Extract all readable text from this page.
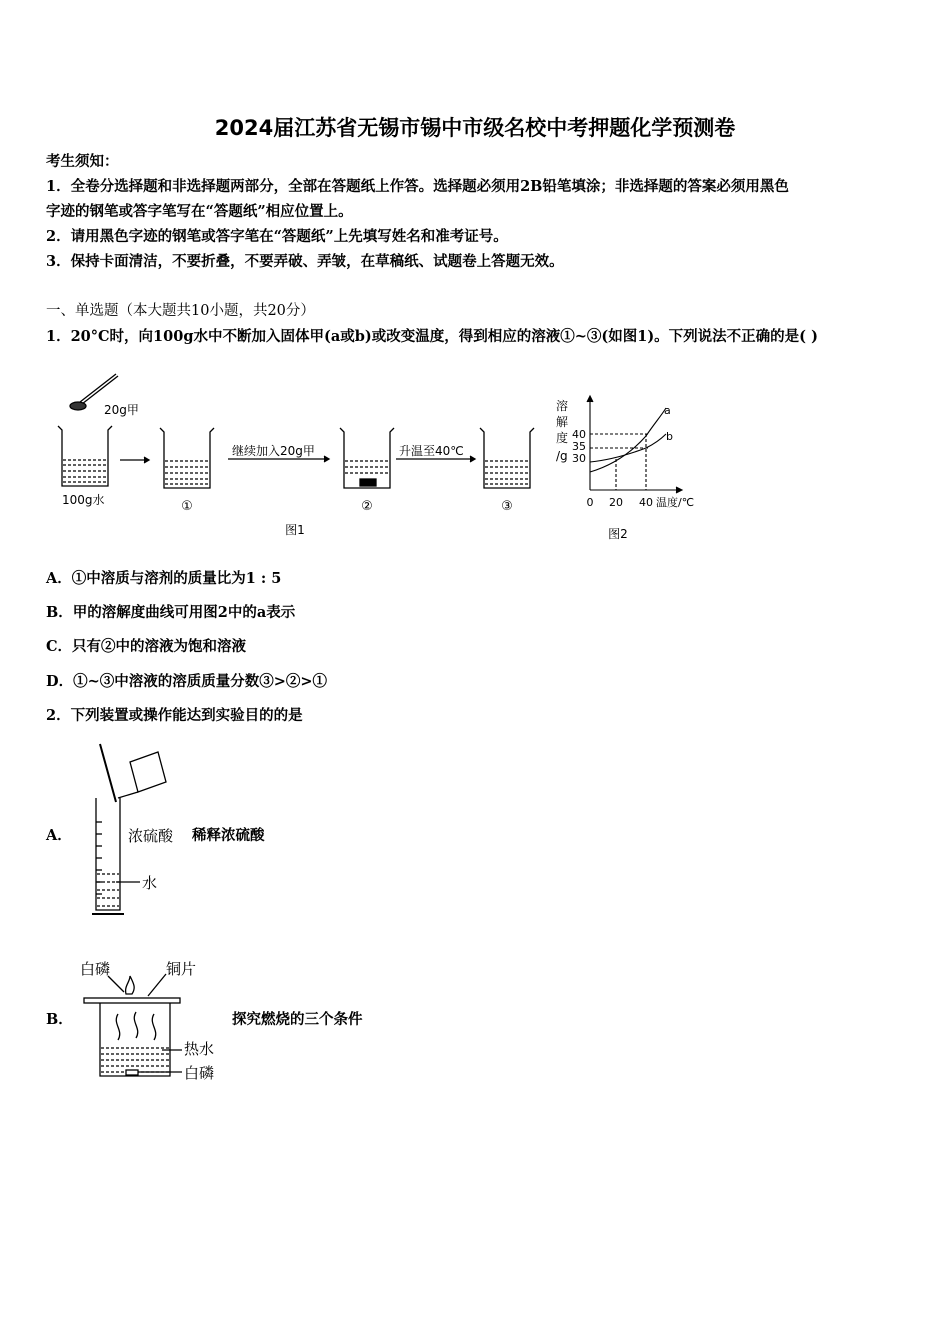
2024届江苏省无锡市锡中市级名校中考押题化学预测卷
考生须知：
1．全卷分选择题和非选择题两部分，全部在答题纸上作答。选择题必须用2B铅笔填涂；非选择题的答案必须用黑色
字迹的钢笔或答字笔写在“答题纸”相应位置上。
2．请用黑色字迹的钢笔或答字笔在“答题纸”上先填写姓名和准考证号。
3．保持卡面清洁，不要折叠，不要弄破、弄皱，在草稿纸、试题卷上答题无效。
一、单选题（本大题共10小题，共20分）
1．20°C时，向100g水中不断加入固体甲(a或b)或改变温度，得到相应的溶液①~③(如图1)。下列说法不正确的是( )
20g甲
100g水
继续加入20g甲	升温至40℃
①	②	③
图1
溶
解
度
/g
40
35
30
0 20 40 温度/℃
a
b
图2
A．①中溶质与溶剂的质量比为1 : 5
B．甲的溶解度曲线可用图2中的a表示
C．只有②中的溶液为饱和溶液
D．①~③中溶液的溶质质量分数③>②>①
2．下列装置或操作能达到实验目的的是
A．	浓硫酸
水
稀释浓硫酸
B．
白磷	铜片
热水
白磷
探究燃烧的三个条件
